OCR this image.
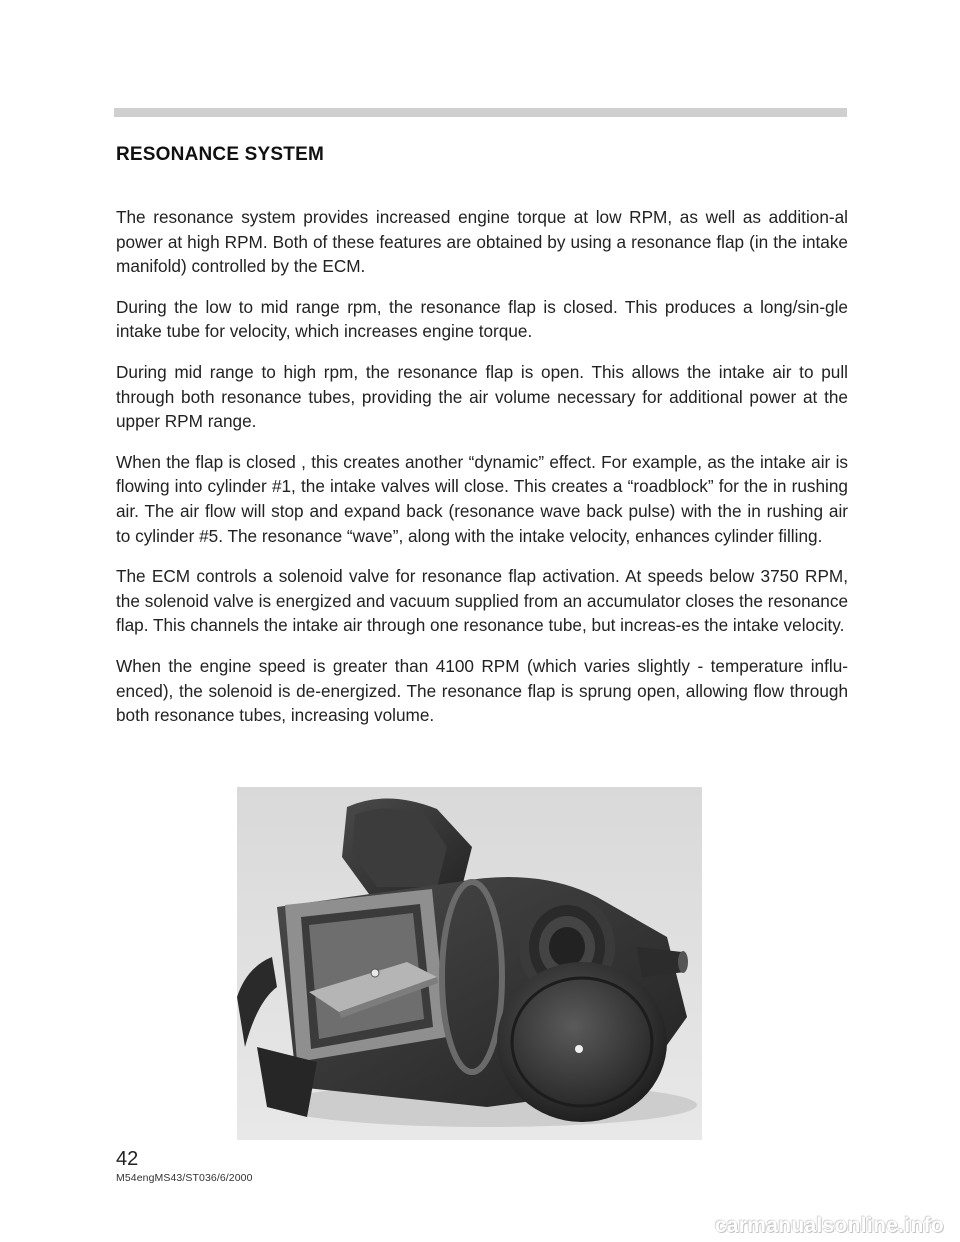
RESONANCE SYSTEM

The resonance system provides increased engine torque at low RPM, as well as addition-al power at high RPM. Both of these features are obtained by using a resonance flap (in the intake manifold) controlled by the ECM.

During the low to mid range rpm, the resonance flap is closed. This produces a long/sin-gle intake tube for velocity, which increases engine torque.

During mid range to high rpm, the resonance flap is open. This allows the intake air to pull through both resonance tubes, providing the air volume necessary for additional power at the upper RPM range.

When the flap is closed , this creates another “dynamic” effect. For example, as the intake air is flowing into cylinder #1, the intake valves will close. This creates a “roadblock” for the in rushing air. The air flow will stop and expand back (resonance wave back pulse) with the in rushing air to cylinder #5. The resonance “wave”, along with the intake velocity, enhances cylinder filling.

The ECM controls a solenoid valve for resonance flap activation. At speeds below 3750 RPM, the solenoid valve is energized and vacuum supplied from an accumulator closes the resonance flap. This channels the intake air through one resonance tube, but increas-es the intake velocity.

When the engine speed is greater than 4100 RPM (which varies slightly - temperature influ-enced), the solenoid is de-energized. The resonance flap is sprung open, allowing flow through both resonance tubes, increasing volume.

42
M54engMS43/ST036/6/2000
carmanualsonline.info
